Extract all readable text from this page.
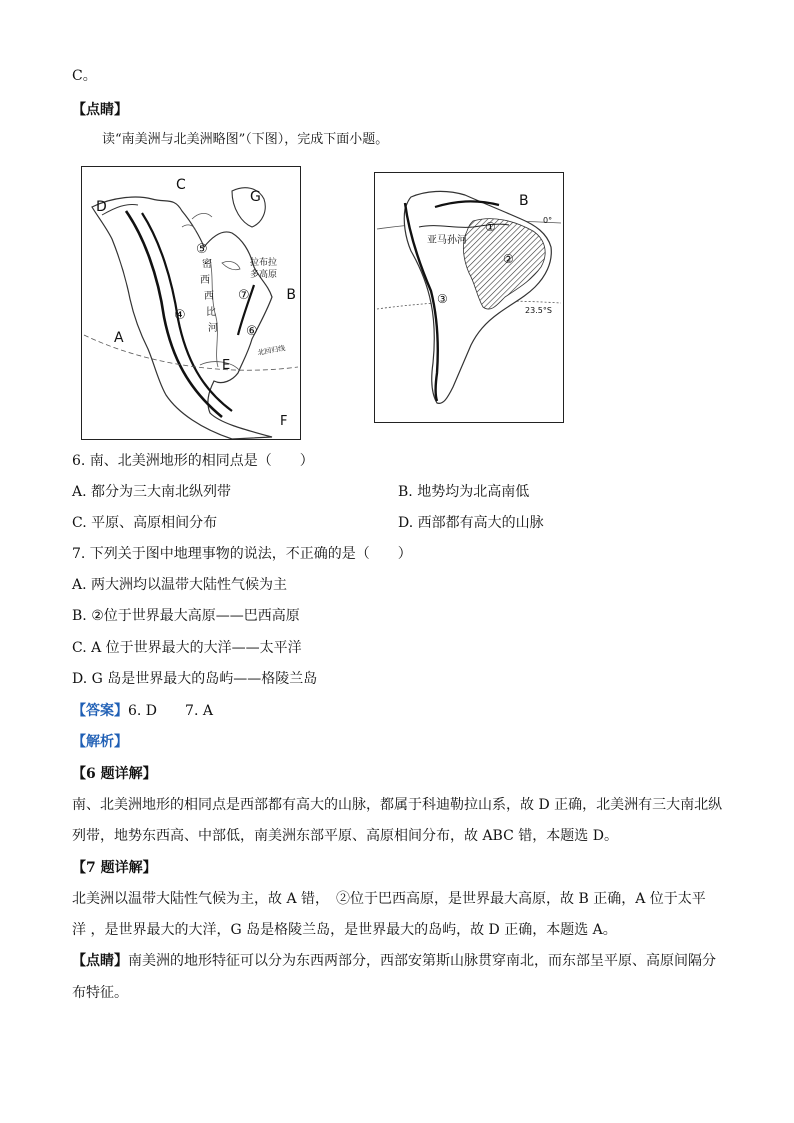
C。
【点睛】
读“南美洲与北美洲略图”（下图），完成下面小题。
C
G
D
A
B
E
F
⑤
④
⑦
⑥
密
西
西
比
河
拉布拉
多高原
北回归线
B
亚马孙河
①
②
③
0°
23.5°S
6. 南、北美洲地形的相同点是（　　）
A. 都分为三大南北纵列带	B. 地势均为北高南低
C. 平原、高原相间分布	D. 西部都有高大的山脉
7. 下列关于图中地理事物的说法，不正确的是（　　）
A. 两大洲均以温带大陆性气候为主
B. ②位于世界最大高原——巴西高原
C. A 位于世界最大的大洋——太平洋
D. G 岛是世界最大的岛屿——格陵兰岛
【答案】6. D　　7. A
【解析】
【6 题详解】
南、北美洲地形的相同点是西部都有高大的山脉，都属于科迪勒拉山系，故 D 正确，北美洲有三大南北纵
列带，地势东西高、中部低，南美洲东部平原、高原相间分布，故 ABC 错，本题选 D。
【7 题详解】
北美洲以温带大陆性气候为主，故 A 错，　②位于巴西高原，是世界最大高原，故 B 正确，A 位于太平
洋 ，是世界最大的大洋，G 岛是格陵兰岛，是世界最大的岛屿，故 D 正确，本题选 A。
【点睛】南美洲的地形特征可以分为东西两部分，西部安第斯山脉贯穿南北，而东部呈平原、高原间隔分
布特征。
